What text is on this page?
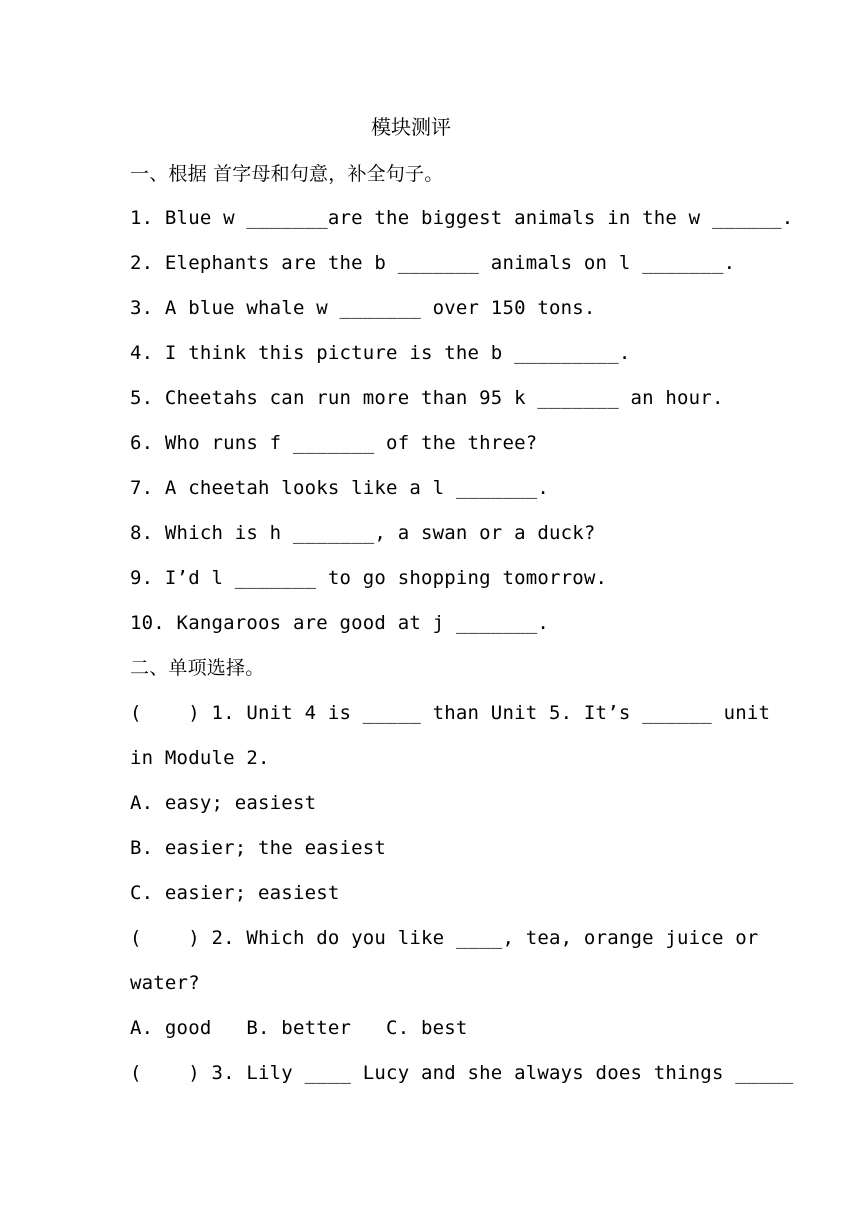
模块测评
一、根据 首字母和句意，补全句子。
1. Blue w _______are the biggest animals in the w ______.
2. Elephants are the b _______ animals on l _______.
3. A blue whale w _______ over 150 tons.
4. I think this picture is the b _________.
5. Cheetahs can run more than 95 k _______ an hour.
6. Who runs f _______ of the three?
7. A cheetah looks like a l _______.
8. Which is h _______, a swan or a duck?
9. I’d l _______ to go shopping tomorrow.
10. Kangaroos are good at j _______.
二、单项选择。
(    ) 1. Unit 4 is _____ than Unit 5. It’s ______ unit
in Module 2.
A. easy; easiest
B. easier; the easiest
C. easier; easiest
(    ) 2. Which do you like ____, tea, orange juice or
water?
A. good   B. better   C. best
(    ) 3. Lily ____ Lucy and she always does things _____
